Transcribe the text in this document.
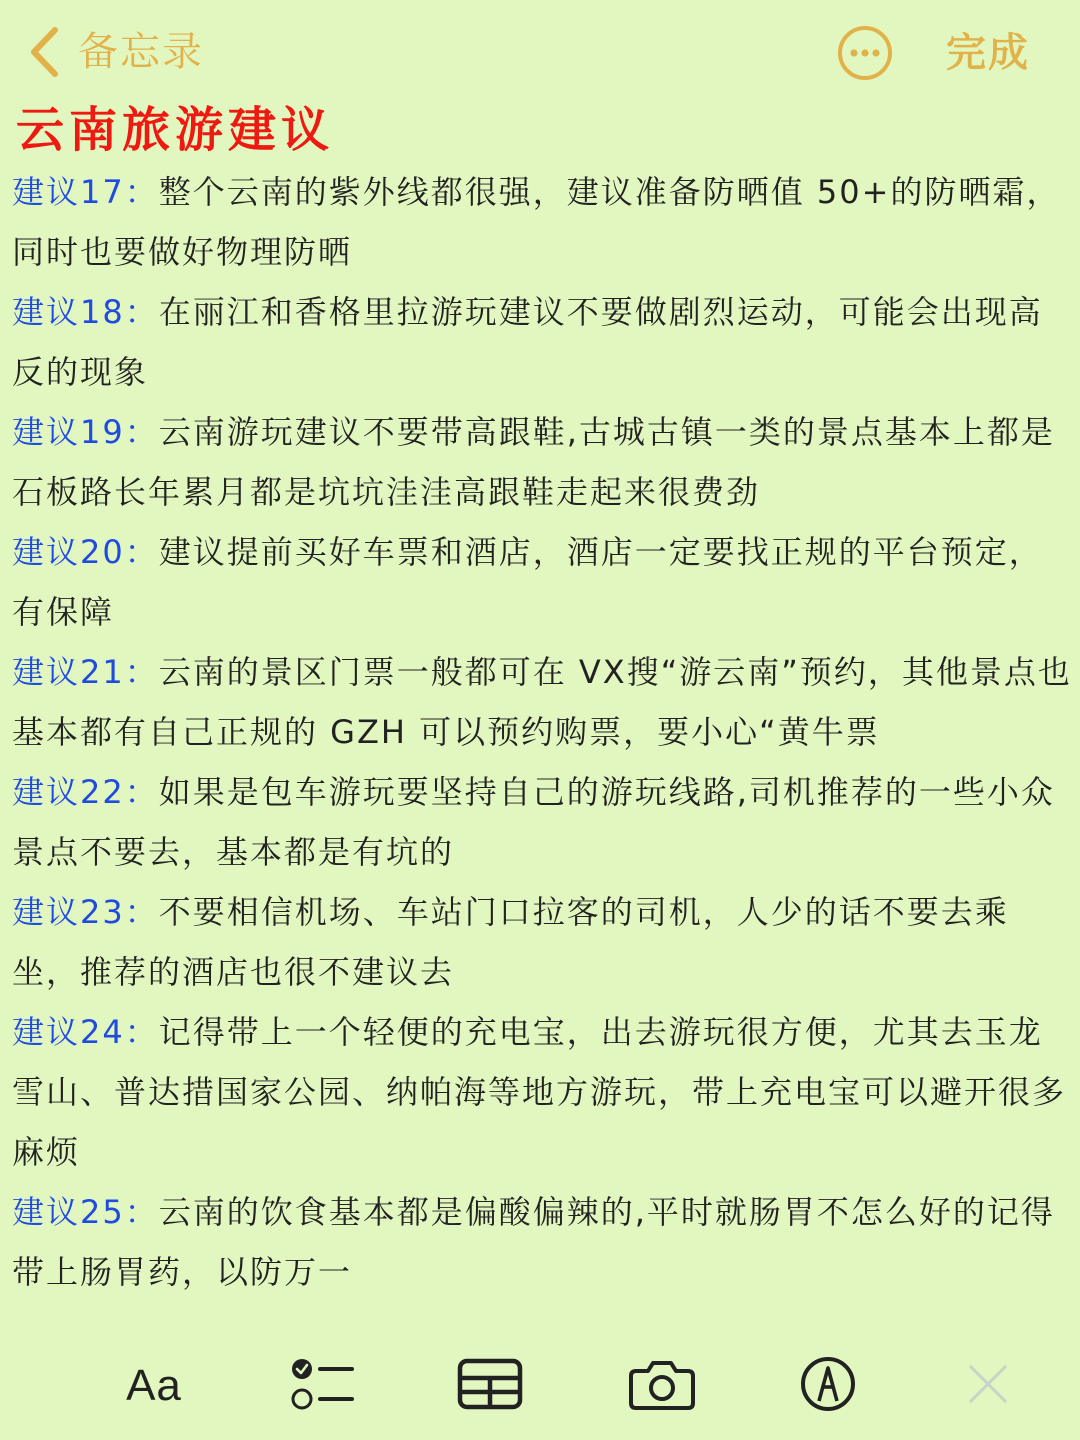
备忘录	完成
云南旅游建议
建议17：整个云南的紫外线都很强，建议准备防晒值 50+的防晒霜，同时也要做好物理防晒
建议18：在丽江和香格里拉游玩建议不要做剧烈运动，可能会出现高反的现象
建议19：云南游玩建议不要带高跟鞋,古城古镇一类的景点基本上都是石板路长年累月都是坑坑洼洼高跟鞋走起来很费劲
建议20：建议提前买好车票和酒店，酒店一定要找正规的平台预定，有保障
建议21：云南的景区门票一般都可在 VX搜“游云南”预约，其他景点也基本都有自己正规的 GZH 可以预约购票，要小心“黄牛票
建议22：如果是包车游玩要坚持自己的游玩线路,司机推荐的一些小众景点不要去，基本都是有坑的
建议23：不要相信机场、车站门口拉客的司机，人少的话不要去乘坐，推荐的酒店也很不建议去
建议24：记得带上一个轻便的充电宝，出去游玩很方便，尤其去玉龙雪山、普达措国家公园、纳帕海等地方游玩，带上充电宝可以避开很多麻烦
建议25：云南的饮食基本都是偏酸偏辣的,平时就肠胃不怎么好的记得带上肠胃药，以防万一
Aa
